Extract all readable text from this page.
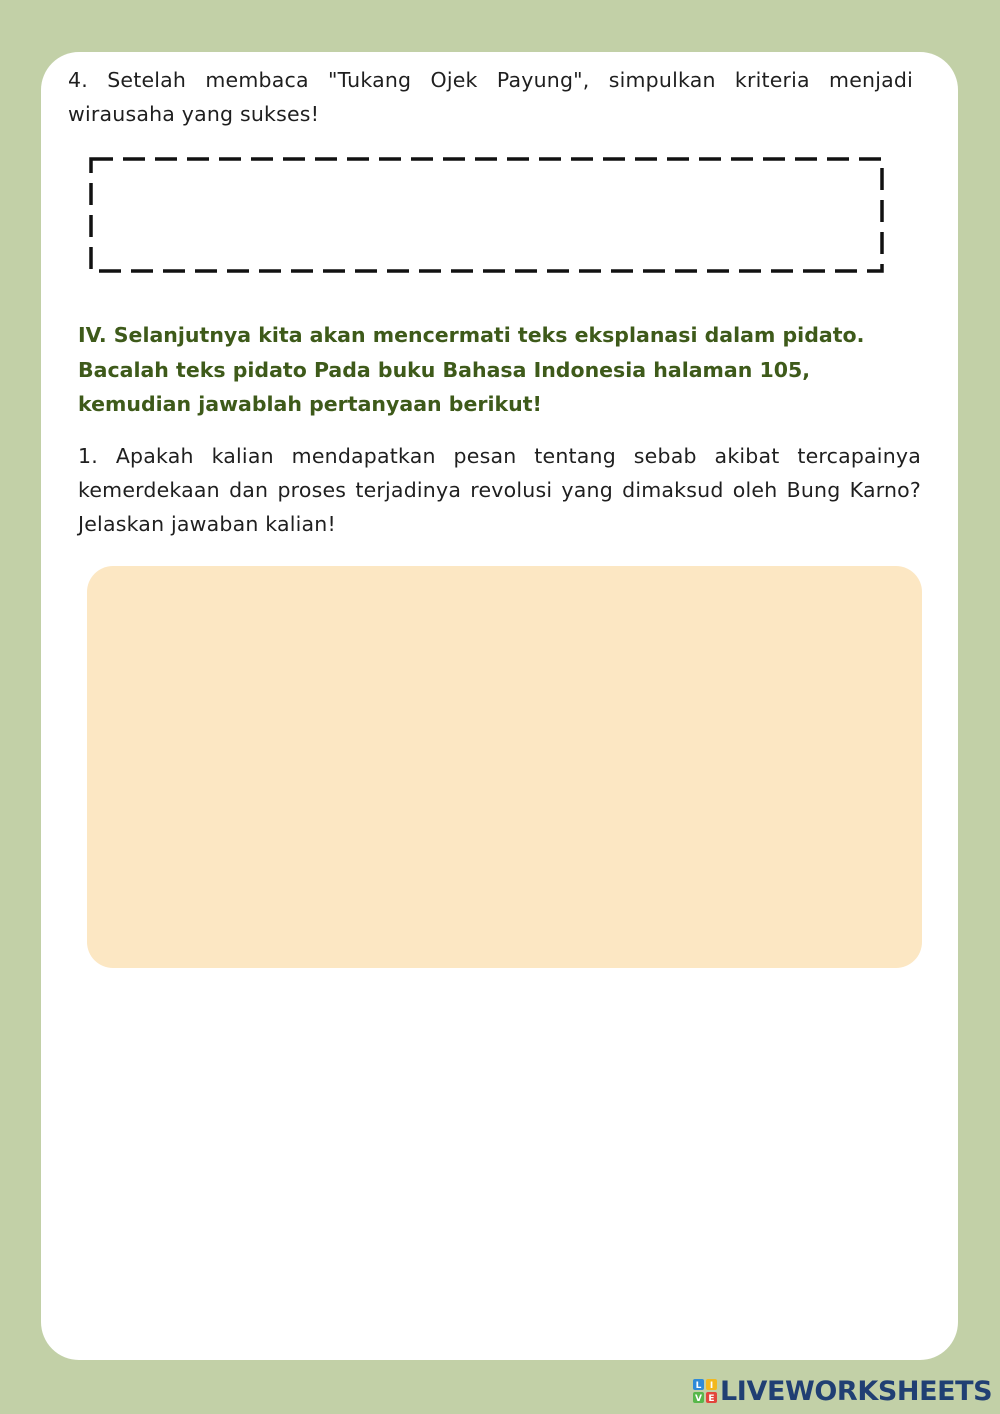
4. Setelah membaca "Tukang Ojek Payung", simpulkan kriteria menjadi wirausaha yang sukses!

IV. Selanjutnya kita akan mencermati teks eksplanasi dalam pidato. Bacalah teks pidato Pada buku Bahasa Indonesia halaman 105, kemudian jawablah pertanyaan berikut!

1. Apakah kalian mendapatkan pesan tentang sebab akibat tercapainya kemerdekaan dan proses terjadinya revolusi yang dimaksud oleh Bung Karno? Jelaskan jawaban kalian!

L I
V E LIVEWORKSHEETS
